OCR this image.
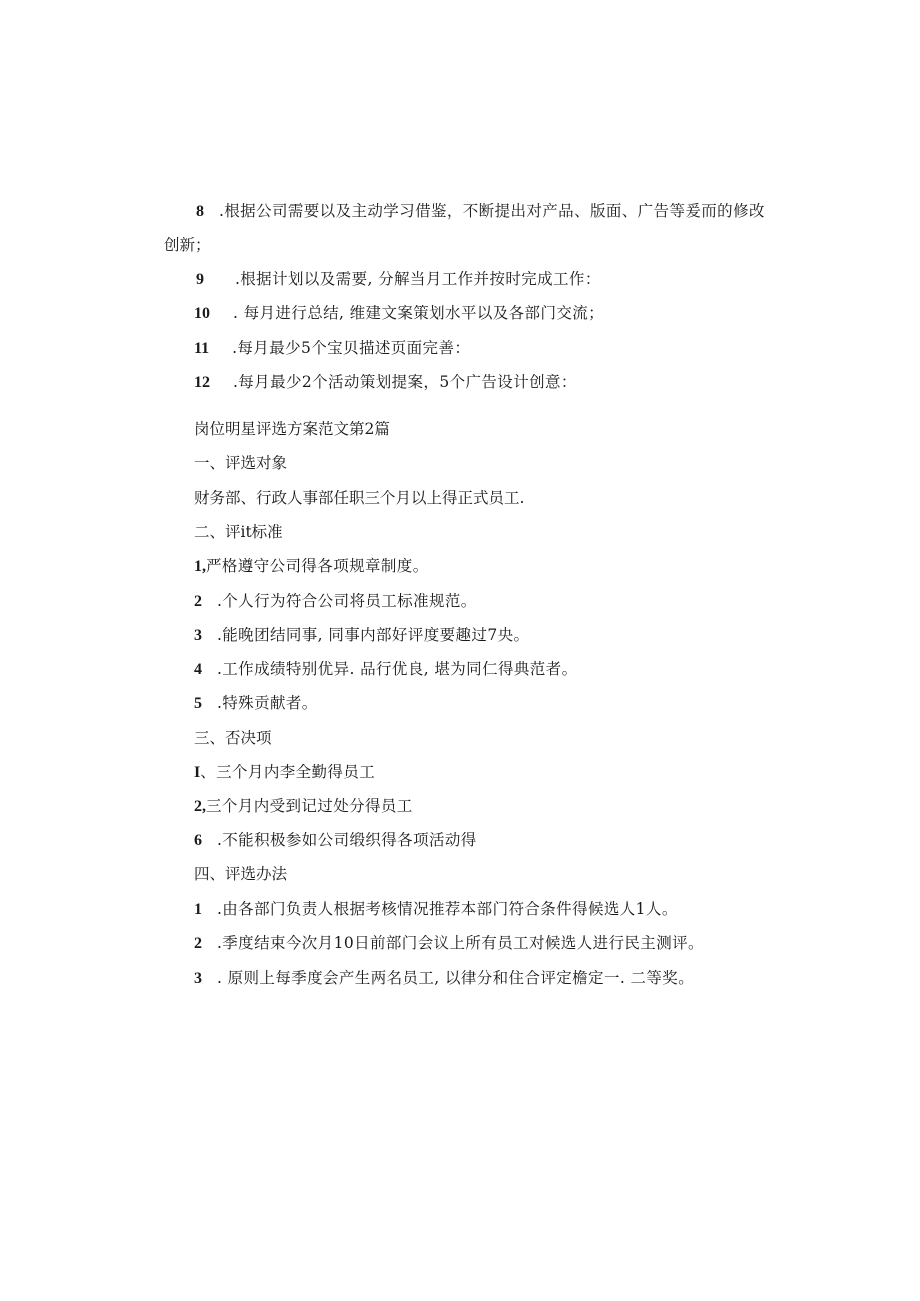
8 .根据公司需要以及主动学习借鉴，不断提出对产品、版面、广告等爰而的修改
创新；
9 .根据计划以及需要, 分解当月工作并按时完成工作：
10 . 每月进行总结, 维建文案策划水平以及各部门交流；
11 .每月最少5个宝贝描述页面完善：
12 .每月最少2个活动策划提案，5个广告设计创意：
岗位明星评选方案范文第2篇
一、评选对象
财务部、行政人事部任职三个月以上得正式员工.
二、评it标准
1,严格遵守公司得各项规章制度。
2 .个人行为符合公司将员工标准规范。
3 .能晚团结同事, 同事内部好评度要趣过7央。
4 .工作成绩特别优异. 品行优良, 堪为同仁得典范者。
5 .特殊贡献者。
三、否决项
I、三个月内李全勤得员工
2,三个月内受到记过处分得员工
6 .不能积极参如公司缎织得各项活动得
四、评选办法
1 .由各部门负责人根据考核情况推荐本部门符合条件得候选人1人。
2 .季度结束今次月10日前部门会议上所有员工对候选人进行民主测评。
3 . 原则上每季度会产生两名员工, 以律分和住合评定檐定一. 二等奖。
